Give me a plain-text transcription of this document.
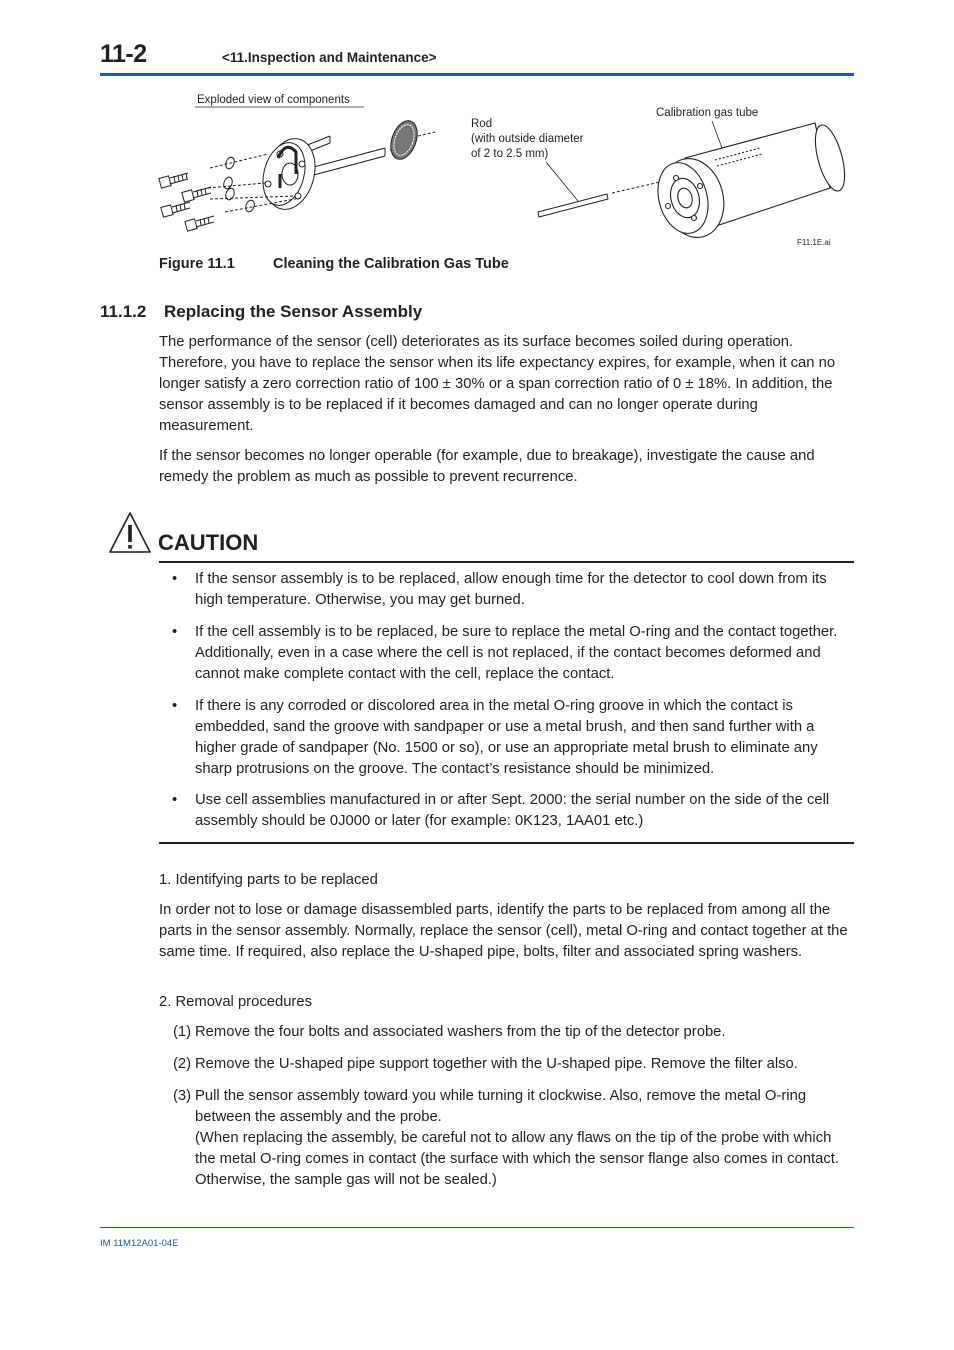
11-2	<11.Inspection and Maintenance>
Exploded view of components
Rod
(with outside diameter
of 2 to 2.5 mm)
Calibration gas tube
F11.1E.ai
Figure 11.1	Cleaning the Calibration Gas Tube
11.1.2 Replacing the Sensor Assembly

The performance of the sensor (cell) deteriorates as its surface becomes soiled during operation. Therefore, you have to replace the sensor when its life expectancy expires, for example, when it can no longer satisfy a zero correction ratio of 100 ± 30% or a span correction ratio of 0 ± 18%. In addition, the sensor assembly is to be replaced if it becomes damaged and can no longer operate during measurement.

If the sensor becomes no longer operable (for example, due to breakage), investigate the cause and remedy the problem as much as possible to prevent recurrence.

CAUTION
• If the sensor assembly is to be replaced, allow enough time for the detector to cool down from its high temperature. Otherwise, you may get burned.
• If the cell assembly is to be replaced, be sure to replace the metal O-ring and the contact together. Additionally, even in a case where the cell is not replaced, if the contact becomes deformed and cannot make complete contact with the cell, replace the contact.
• If there is any corroded or discolored area in the metal O-ring groove in which the contact is embedded, sand the groove with sandpaper or use a metal brush, and then sand further with a higher grade of sandpaper (No. 1500 or so), or use an appropriate metal brush to eliminate any sharp protrusions on the groove. The contact’s resistance should be minimized.
• Use cell assemblies manufactured in or after Sept. 2000: the serial number on the side of the cell assembly should be 0J000 or later (for example: 0K123, 1AA01 etc.)
1. Identifying parts to be replaced

In order not to lose or damage disassembled parts, identify the parts to be replaced from among all the parts in the sensor assembly. Normally, replace the sensor (cell), metal O-ring and contact together at the same time. If required, also replace the U-shaped pipe, bolts, filter and associated spring washers.

2. Removal procedures
(1) Remove the four bolts and associated washers from the tip of the detector probe.
(2) Remove the U-shaped pipe support together with the U-shaped pipe. Remove the filter also.
(3) Pull the sensor assembly toward you while turning it clockwise. Also, remove the metal O-ring between the assembly and the probe.
(When replacing the assembly, be careful not to allow any flaws on the tip of the probe with which the metal O-ring comes in contact (the surface with which the sensor flange also comes in contact. Otherwise, the sample gas will not be sealed.)
IM 11M12A01-04E
